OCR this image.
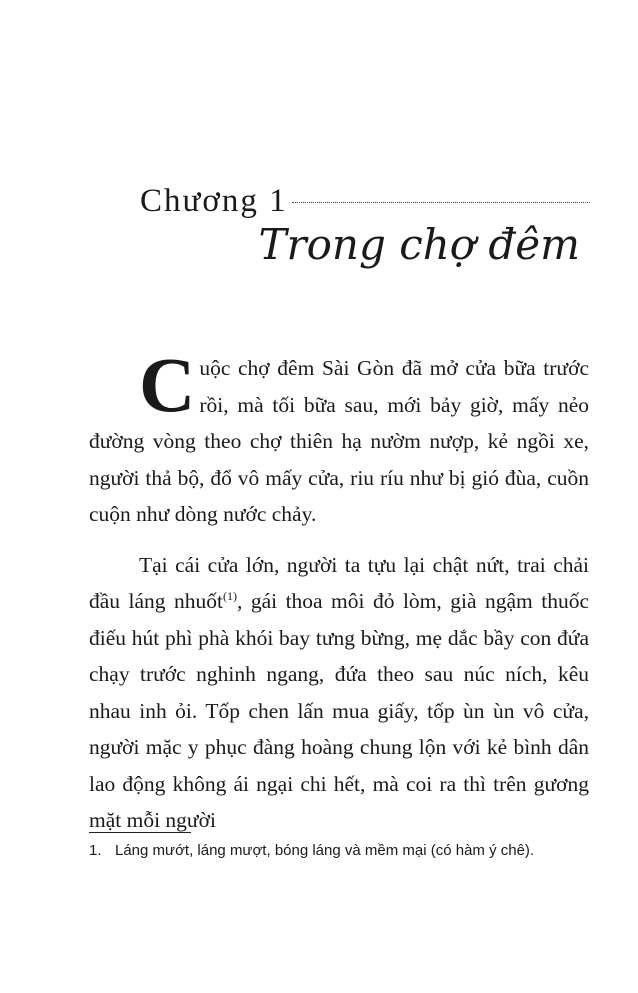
Chương 1
Trong chợ đêm

Cuộc chợ đêm Sài Gòn đã mở cửa bữa trước rồi, mà tối bữa sau, mới bảy giờ, mấy nẻo đường vòng theo chợ thiên hạ nườm nượp, kẻ ngồi xe, người thả bộ, đổ vô mấy cửa, riu ríu như bị gió đùa, cuồn cuộn như dòng nước chảy.

Tại cái cửa lớn, người ta tựu lại chật nứt, trai chải đầu láng nhuốt$^{(1)}$, gái thoa môi đỏ lòm, già ngậm thuốc điếu hút phì phà khói bay tưng bừng, mẹ dắc bầy con đứa chạy trước nghinh ngang, đứa theo sau núc ních, kêu nhau inh ỏi. Tốp chen lấn mua giấy, tốp ùn ùn vô cửa, người mặc y phục đàng hoàng chung lộn với kẻ bình dân lao động không ái ngại chi hết, mà coi ra thì trên gương mặt mỗi người

1. Láng mướt, láng mượt, bóng láng và mềm mại (có hàm ý chê).
